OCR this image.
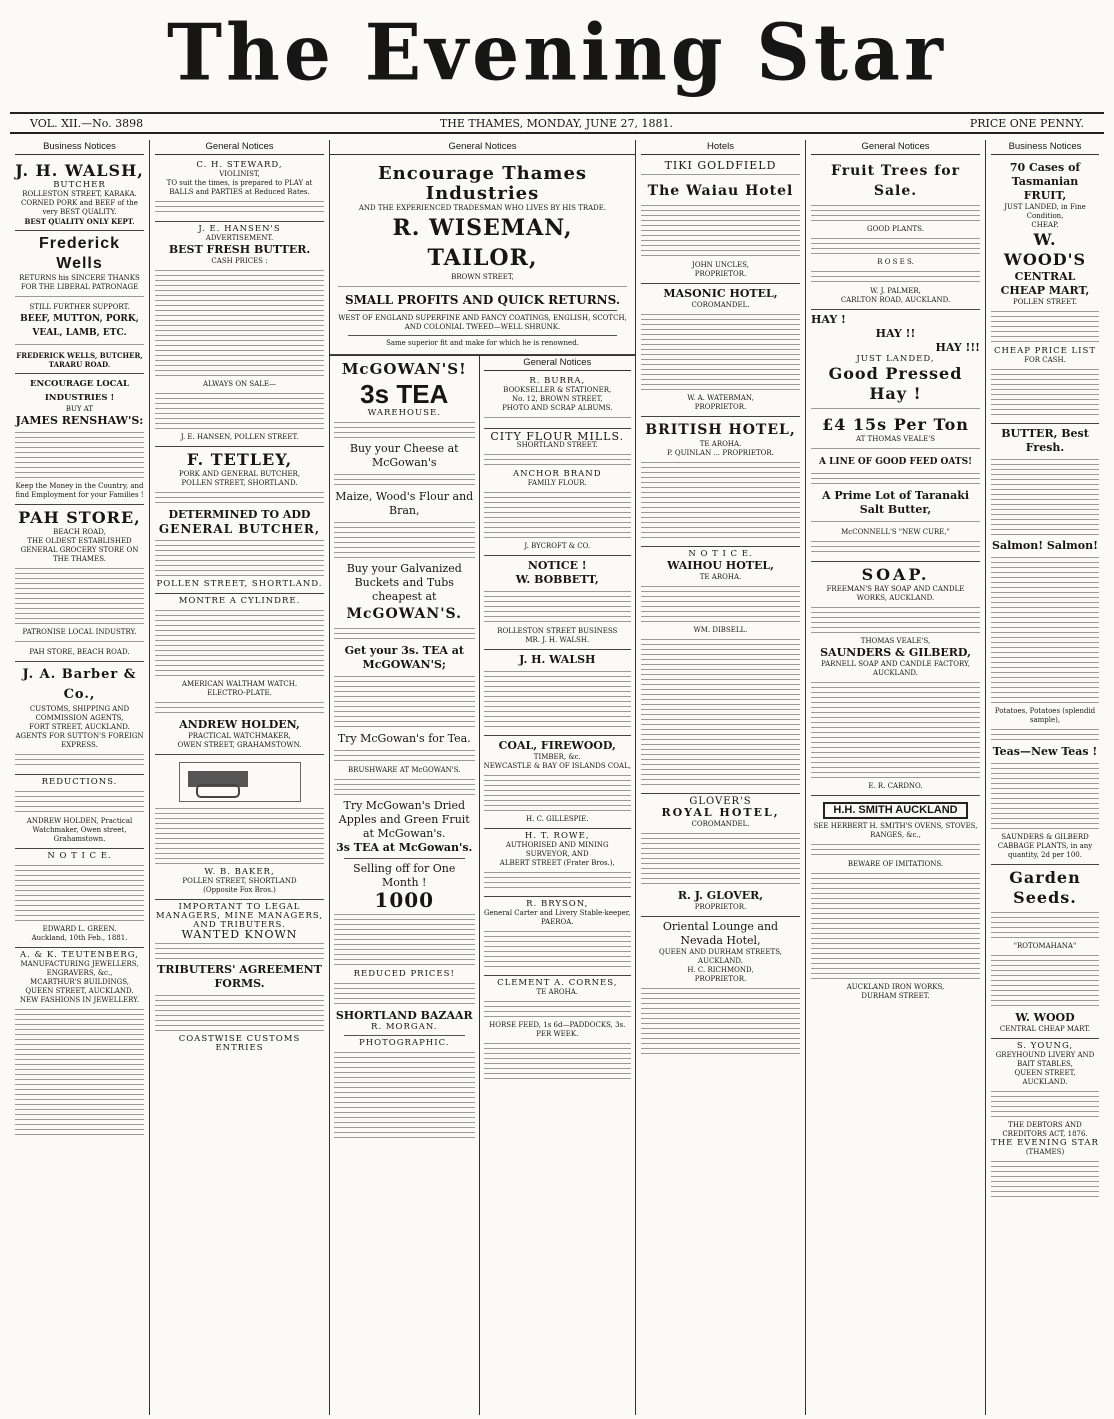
The Evening Star
VOL. XII.—No. 3898	THE THAMES, MONDAY, JUNE 27, 1881.	PRICE ONE PENNY.
Business Notices
J. H. WALSH,
BUTCHER
ROLLESTON STREET, KARAKA.
CORNED PORK and BEEF of the very BEST QUALITY.
BEST QUALITY ONLY KEPT.
Frederick Wells
RETURNS his SINCERE THANKS FOR THE LIBERAL PATRONAGE
STILL FURTHER SUPPORT.
BEEF, MUTTON, PORK, VEAL, LAMB, ETC.
FREDERICK WELLS, BUTCHER, TARARU ROAD.
ENCOURAGE LOCAL INDUSTRIES !
BUY AT
JAMES RENSHAW'S:
Keep the Money in the Country, and find Employment for your Families !
PAH STORE,
BEACH ROAD,
THE OLDEST ESTABLISHED GENERAL GROCERY STORE ON THE THAMES.
PATRONISE LOCAL INDUSTRY.
PAH STORE, BEACH ROAD.
J. A. Barber & Co.,
CUSTOMS, SHIPPING AND COMMISSION AGENTS,
FORT STREET, AUCKLAND.
AGENTS FOR SUTTON'S FOREIGN EXPRESS.
REDUCTIONS.
ANDREW HOLDEN, Practical Watchmaker, Owen street, Grahamstown.
N O T I C E.
EDWARD L. GREEN.
Auckland, 10th Feb., 1881.
A. & K. TEUTENBERG,
MANUFACTURING JEWELLERS, ENGRAVERS, &c.,
MCARTHUR'S BUILDINGS, QUEEN STREET, AUCKLAND.
NEW FASHIONS IN JEWELLERY.
General Notices
C. H. STEWARD,
VIOLINIST,
TO suit the times, is prepared to PLAY at BALLS and PARTIES at Reduced Rates.
J. E. HANSEN'S
ADVERTISEMENT.
BEST FRESH BUTTER.
CASH PRICES :
ALWAYS ON SALE—
J. E. HANSEN, POLLEN STREET.
F. TETLEY,
PORK AND GENERAL BUTCHER,
POLLEN STREET, SHORTLAND.
DETERMINED TO ADD
GENERAL BUTCHER,
POLLEN STREET, SHORTLAND.
MONTRE A CYLINDRE.
AMERICAN WALTHAM WATCH.
ELECTRO-PLATE.
ANDREW HOLDEN,
PRACTICAL WATCHMAKER,
OWEN STREET, GRAHAMSTOWN.
W. B. BAKER,
POLLEN STREET, SHORTLAND
(Opposite Fox Bros.)
IMPORTANT TO LEGAL MANAGERS, MINE MANAGERS, AND TRIBUTERS.
WANTED KNOWN
TRIBUTERS' AGREEMENT FORMS.
COASTWISE CUSTOMS ENTRIES
General Notices
Encourage Thames Industries
AND THE EXPERIENCED TRADESMAN WHO LIVES BY HIS TRADE.
R. WISEMAN, TAILOR,
BROWN STREET,
SMALL PROFITS AND QUICK RETURNS.
WEST OF ENGLAND SUPERFINE AND FANCY COATINGS, ENGLISH, SCOTCH, AND COLONIAL TWEED—WELL SHRUNK.
Same superior fit and make for which he is renowned.
McGOWAN'S!
3s TEA
WAREHOUSE.
Buy your Cheese at McGowan's
Maize, Wood's Flour and Bran,
Buy your Galvanized Buckets and Tubs cheapest at
McGOWAN'S.
Get your 3s. TEA at McGOWAN'S;
Try McGowan's for Tea.
BRUSHWARE AT McGOWAN'S.
Try McGowan's Dried Apples and Green Fruit at McGowan's.
3s TEA at McGowan's.
Selling off for One Month !
1000
REDUCED PRICES!
SHORTLAND BAZAAR
R. MORGAN.
PHOTOGRAPHIC.
General Notices
R. BURRA,
BOOKSELLER & STATIONER,
No. 12, BROWN STREET,
PHOTO AND SCRAP ALBUMS.
CITY FLOUR MILLS.
SHORTLAND STREET.
ANCHOR BRAND
FAMILY FLOUR.
J. BYCROFT & CO.
NOTICE !
W. BOBBETT,
ROLLESTON STREET BUSINESS
MR. J. H. WALSH.
J. H. WALSH
COAL, FIREWOOD,
TIMBER, &c.
NEWCASTLE & BAY OF ISLANDS COAL,
H. C. GILLESPIE.
H. T. ROWE,
AUTHORISED AND MINING SURVEYOR, AND
ALBERT STREET (Frater Bros.),
R. BRYSON,
General Carter and Livery Stable-keeper, PAEROA.
CLEMENT A. CORNES,
TE AROHA.
HORSE FEED, 1s 6d—PADDOCKS, 3s. PER WEEK.
Hotels
TIKI GOLDFIELD
The Waiau Hotel
JOHN UNCLES,
PROPRIETOR.
MASONIC HOTEL,
COROMANDEL.
W. A. WATERMAN,
PROPRIETOR.
BRITISH HOTEL,
TE AROHA.
P. QUINLAN ... PROPRIETOR.
N O T I C E.
WAIHOU HOTEL,
TE AROHA.
WM. DIBSELL.
GLOVER'S
ROYAL HOTEL,
COROMANDEL.
R. J. GLOVER,
PROPRIETOR.
Oriental Lounge and Nevada Hotel,
QUEEN AND DURHAM STREETS, AUCKLAND.
H. C. RICHMOND,
PROPRIETOR.
General Notices
Fruit Trees for Sale.
GOOD PLANTS.
R O S E S.
W. J. PALMER,
CARLTON ROAD, AUCKLAND.
HAY !
HAY !!
HAY !!!
JUST LANDED,
Good Pressed Hay !
£4 15s Per Ton
AT THOMAS VEALE'S
A LINE OF GOOD FEED OATS!
A Prime Lot of Taranaki Salt Butter,
McCONNELL'S "NEW CURE,"
SOAP.
FREEMAN'S BAY SOAP AND CANDLE WORKS, AUCKLAND.
THOMAS VEALE'S,
SAUNDERS & GILBERD,
PARNELL SOAP AND CANDLE FACTORY, AUCKLAND.
E. R. CARDNO.
H.H. SMITH AUCKLAND
SEE HERBERT H. SMITH'S OVENS, STOVES, RANGES, &c.,
BEWARE OF IMITATIONS.
AUCKLAND IRON WORKS,
DURHAM STREET.
Business Notices
70 Cases of Tasmanian FRUIT,
JUST LANDED, in Fine Condition,
CHEAP.
W. WOOD'S
CENTRAL CHEAP MART,
POLLEN STREET.
CHEAP PRICE LIST
FOR CASH.
BUTTER, Best Fresh.
Salmon! Salmon!
Potatoes, Potatoes (splendid sample),
Teas—New Teas !
SAUNDERS & GILBERD
CABBAGE PLANTS, in any quantity, 2d per 100.
Garden Seeds.
"ROTOMAHANA"
W. WOOD
CENTRAL CHEAP MART.
S. YOUNG,
GREYHOUND LIVERY AND BAIT STABLES,
QUEEN STREET, AUCKLAND.
THE DEBTORS AND CREDITORS ACT, 1876.
THE EVENING STAR
(THAMES)
